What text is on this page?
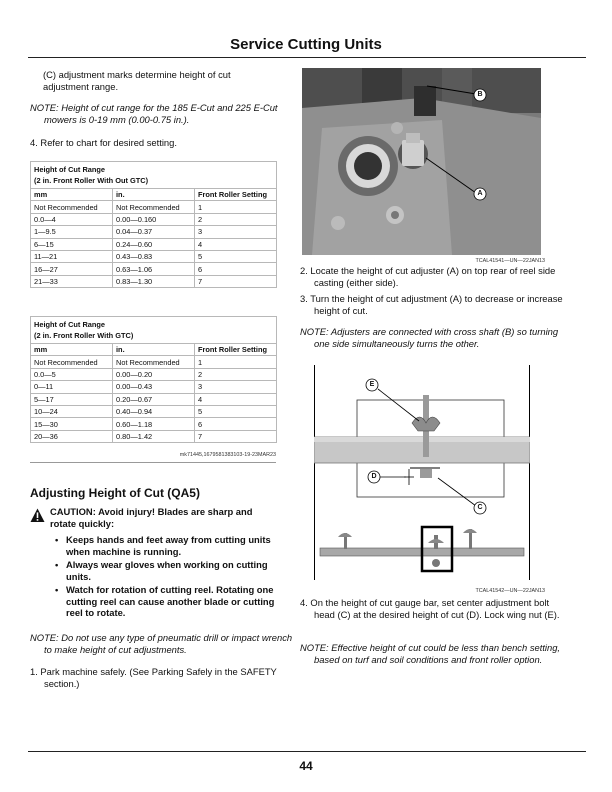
Service Cutting Units
(C) adjustment marks determine height of cut adjustment range.
NOTE: Height of cut range for the 185 E-Cut and 225 E-Cut mowers is 0-19 mm (0.00-0.75 in.).
4. Refer to chart for desired setting.
Height of Cut Range
(2 in. Front Roller With Out GTC)		

mm	in.	Front Roller Setting
Not Recommended	Not Recommended	1
0.0—4	0.00—0.160	2
1—9.5	0.04—0.37	3
6—15	0.24—0.60	4
11—21	0.43—0.83	5
16—27	0.63—1.06	6
21—33	0.83—1.30	7
Height of Cut Range
(2 in. Front Roller With GTC)		

mm	in.	Front Roller Setting
Not Recommended	Not Recommended	1
0.0—5	0.00—0.20	2
0—11	0.00—0.43	3
5—17	0.20—0.67	4
10—24	0.40—0.94	5
15—30	0.60—1.18	6
20—36	0.80—1.42	7
mk71445,1679581383103-19-23MAR23
Adjusting Height of Cut (QA5)
CAUTION: Avoid injury! Blades are sharp and rotate quickly:
• Keeps hands and feet away from cutting units when machine is running.
• Always wear gloves when working on cutting units.
• Watch for rotation of cutting reel. Rotating one cutting reel can cause another blade or cutting reel to rotate.
NOTE: Do not use any type of pneumatic drill or impact wrench to make height of cut adjustments.
1. Park machine safely. (See Parking Safely in the SAFETY section.)
B
A
TCAL41541—UN—22JAN13
2. Locate the height of cut adjuster (A) on top rear of reel side casting (either side).
3. Turn the height of cut adjustment (A) to decrease or increase height of cut.
NOTE: Adjusters are connected with cross shaft (B) so turning one side simultaneously turns the other.
E
D
C
TCAL41542—UN—22JAN13
4. On the height of cut gauge bar, set center adjustment bolt head (C) at the desired height of cut (D). Lock wing nut (E).
NOTE: Effective height of cut could be less than bench setting, based on turf and soil conditions and front roller option.
44
